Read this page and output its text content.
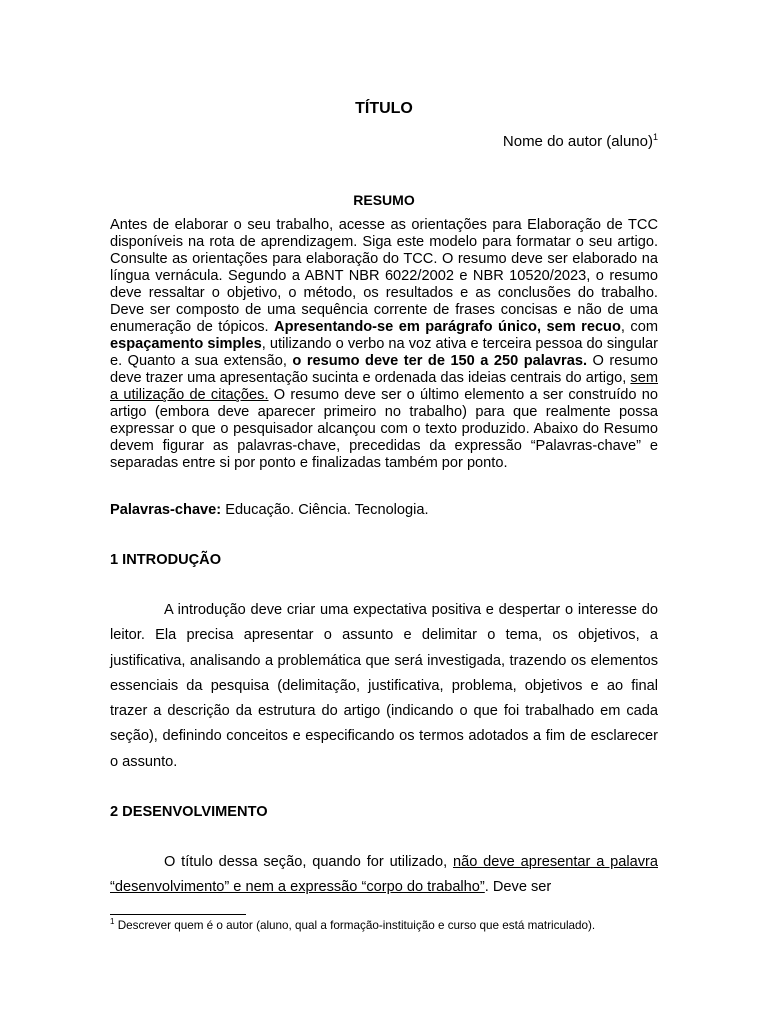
TÍTULO
Nome do autor (aluno)$^1$
RESUMO

Antes de elaborar o seu trabalho, acesse as orientações para Elaboração de TCC disponíveis na rota de aprendizagem. Siga este modelo para formatar o seu artigo. Consulte as orientações para elaboração do TCC. O resumo deve ser elaborado na língua vernácula. Segundo a ABNT NBR 6022/2002 e NBR 10520/2023, o resumo deve ressaltar o objetivo, o método, os resultados e as conclusões do trabalho. Deve ser composto de uma sequência corrente de frases concisas e não de uma enumeração de tópicos. Apresentando-se em parágrafo único, sem recuo, com espaçamento simples, utilizando o verbo na voz ativa e terceira pessoa do singular e. Quanto a sua extensão, o resumo deve ter de 150 a 250 palavras. O resumo deve trazer uma apresentação sucinta e ordenada das ideias centrais do artigo, sem a utilização de citações. O resumo deve ser o último elemento a ser construído no artigo (embora deve aparecer primeiro no trabalho) para que realmente possa expressar o que o pesquisador alcançou com o texto produzido. Abaixo do Resumo devem figurar as palavras-chave, precedidas da expressão “Palavras-chave” e separadas entre si por ponto e finalizadas também por ponto.

Palavras-chave: Educação. Ciência. Tecnologia.

1 INTRODUÇÃO

A introdução deve criar uma expectativa positiva e despertar o interesse do leitor. Ela precisa apresentar o assunto e delimitar o tema, os objetivos, a justificativa, analisando a problemática que será investigada, trazendo os elementos essenciais da pesquisa (delimitação, justificativa, problema, objetivos e ao final trazer a descrição da estrutura do artigo (indicando o que foi trabalhado em cada seção), definindo conceitos e especificando os termos adotados a fim de esclarecer o assunto.

2 DESENVOLVIMENTO

O título dessa seção, quando for utilizado, não deve apresentar a palavra “desenvolvimento” e nem a expressão “corpo do trabalho”. Deve ser

$^1$ Descrever quem é o autor (aluno, qual a formação-instituição e curso que está matriculado).
